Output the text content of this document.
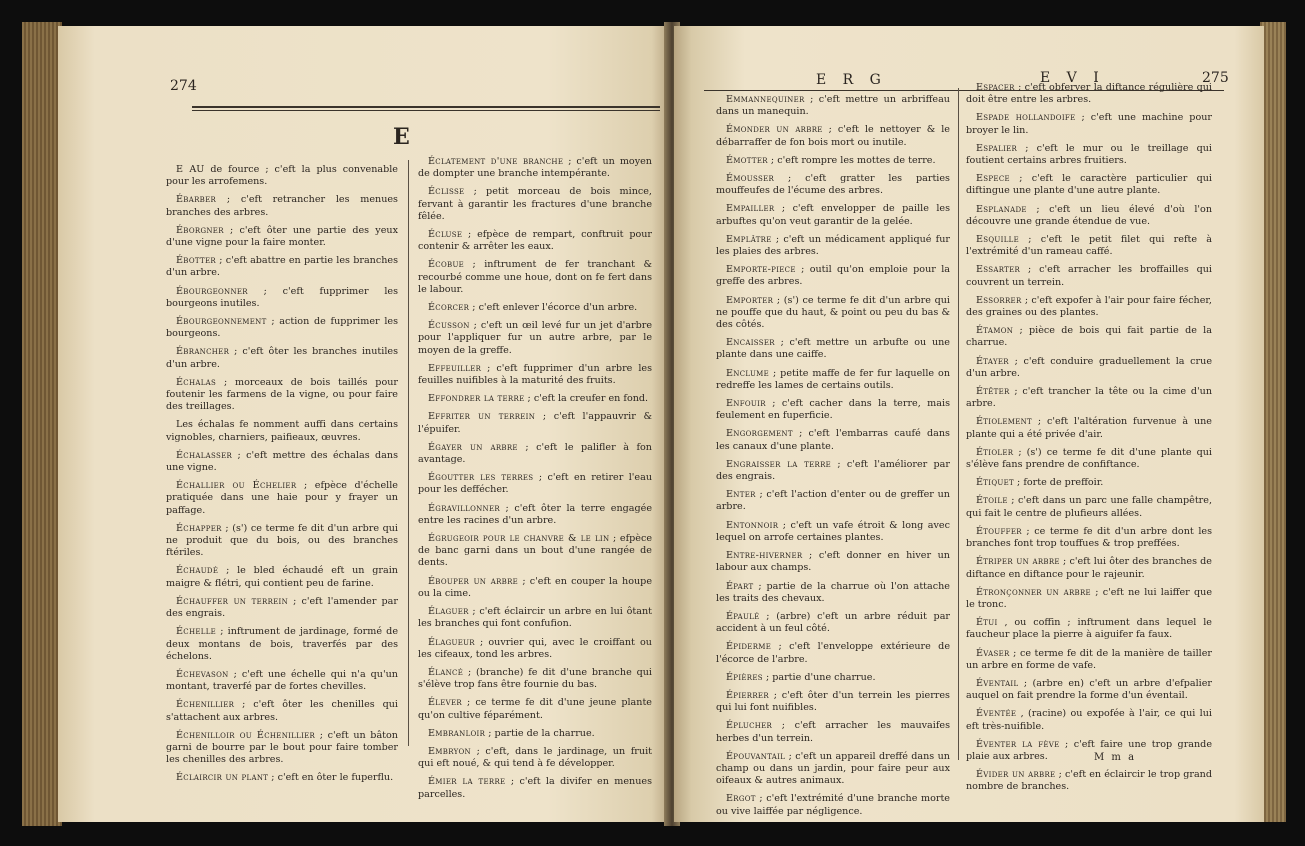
274
E

E AU de fource ; c'eft la plus convenable pour les arrofemens.

Ébarber ; c'eft retrancher les menues branches des arbres.

Éborgner ; c'eft ôter une partie des yeux d'une vigne pour la faire monter.

Ébotter ; c'eft abattre en partie les branches d'un arbre.

Ébourgeonner ; c'eft fupprimer les bourgeons inutiles.

Ébourgeonnement ; action de fupprimer les bourgeons.

Ébrancher ; c'eft ôter les branches inutiles d'un arbre.

Échalas ; morceaux de bois taillés pour foutenir les farmens de la vigne, ou pour faire des treillages.

Les échalas fe nomment auffi dans certains vignobles, charniers, paifieaux, œuvres.

Échalasser ; c'eft mettre des échalas dans une vigne.

Échallier ou Échelier ; efpèce d'échelle pratiquée dans une haie pour y frayer un paffage.

Échapper ; (s') ce terme fe dit d'un arbre qui ne produit que du bois, ou des branches ftériles.

Échaudé ; le bled échaudé eft un grain maigre & flétri, qui contient peu de farine.

Échauffer un terrein ; c'eft l'amender par des engrais.

Échelle ; inftrument de jardinage, formé de deux montans de bois, traverfés par des échelons.

Échevason ; c'eft une échelle qui n'a qu'un montant, traverfé par de fortes chevilles.

Échenillier ; c'eft ôter les chenilles qui s'attachent aux arbres.

Échenilloir ou Échenillier ; c'eft un bâton garni de bourre par le bout pour faire tomber les chenilles des arbres.

Éclaircir un plant ; c'eft en ôter le fuperflu.

Éclatement d'une branche ; c'eft un moyen de dompter une branche intempérante.

Éclisse ; petit morceau de bois mince, fervant à garantir les fractures d'une branche fêlée.

Écluse ; efpèce de rempart, conftruit pour contenir & arrêter les eaux.

Écobue ; inftrument de fer tranchant & recourbé comme une houe, dont on fe fert dans le labour.

Écorcer ; c'eft enlever l'écorce d'un arbre.

Écusson ; c'eft un œil levé fur un jet d'arbre pour l'appliquer fur un autre arbre, par le moyen de la greffe.

Effeuiller ; c'eft fupprimer d'un arbre les feuilles nuifibles à la maturité des fruits.

Effondrer la terre ; c'eft la creufer en fond.

Effriter un terrein ; c'eft l'appauvrir & l'épuifer.

Égayer un arbre ; c'eft le palifler à fon avantage.

Égoutter les terres ; c'eft en retirer l'eau pour les deffécher.

Égravillonner ; c'eft ôter la terre engagée entre les racines d'un arbre.

Égrugeoir pour le chanvre & le lin ; efpèce de banc garni dans un bout d'une rangée de dents.

Ébouper un arbre ; c'eft en couper la houpe ou la cime.

Élaguer ; c'eft éclaircir un arbre en lui ôtant les branches qui font confufion.

Élagueur ; ouvrier qui, avec le croiffant ou les cifeaux, tond les arbres.

Élancé ; (branche) fe dit d'une branche qui s'élève trop fans être fournie du bas.

Élever ; ce terme fe dit d'une jeune plante qu'on cultive féparément.

Embranloir ; partie de la charrue.

Embryon ; c'eft, dans le jardinage, un fruit qui eft noué, & qui tend à fe développer.

Émier la terre ; c'eft la divifer en menues parcelles.

E R G	E V I	275

Emmannequiner ; c'eft mettre un arbriffeau dans un manequin.

Émonder un arbre ; c'eft le nettoyer & le débarraffer de fon bois mort ou inutile.

Émotter ; c'eft rompre les mottes de terre.

Émousser ; c'eft gratter les parties mouffeufes de l'écume des arbres.

Empailler ; c'eft envelopper de paille les arbuftes qu'on veut garantir de la gelée.

Emplâtre ; c'eft un médicament appliqué fur les plaies des arbres.

Emporte-piece ; outil qu'on emploie pour la greffe des arbres.

Emporter ; (s') ce terme fe dit d'un arbre qui ne pouffe que du haut, & point ou peu du bas & des côtés.

Encaisser ; c'eft mettre un arbufte ou une plante dans une caiffe.

Enclume ; petite maffe de fer fur laquelle on redreffe les lames de certains outils.

Enfouir ; c'eft cacher dans la terre, mais feulement en fuperficie.

Engorgement ; c'eft l'embarras caufé dans les canaux d'une plante.

Engraisser la terre ; c'eft l'améliorer par des engrais.

Enter ; c'eft l'action d'enter ou de greffer un arbre.

Entonnoir ; c'eft un vafe étroit & long avec lequel on arrofe certaines plantes.

Entre-hiverner ; c'eft donner en hiver un labour aux champs.

Épart ; partie de la charrue où l'on attache les traits des chevaux.

Épaulé ; (arbre) c'eft un arbre réduit par accident à un feul côté.

Épiderme ; c'eft l'enveloppe extérieure de l'écorce de l'arbre.

Épières ; partie d'une charrue.

Épierrer ; c'eft ôter d'un terrein les pierres qui lui font nuifibles.

Éplucher ; c'eft arracher les mauvaifes herbes d'un terrein.

Épouvantail ; c'eft un appareil dreffé dans un champ ou dans un jardin, pour faire peur aux oifeaux & autres animaux.

Ergot ; c'eft l'extrémité d'une branche morte ou vive laiffée par négligence.

Espacer ; c'eft obferver la diftance régulière qui doit être entre les arbres.

Espade hollandoife ; c'eft une machine pour broyer le lin.

Espalier ; c'eft le mur ou le treillage qui foutient certains arbres fruitiers.

Espece ; c'eft le caractère particulier qui diftingue une plante d'une autre plante.

Esplanade ; c'eft un lieu élevé d'où l'on découvre une grande étendue de vue.

Esquille ; c'eft le petit filet qui refte à l'extrémité d'un rameau caffé.

Essarter ; c'eft arracher les broffailles qui couvrent un terrein.

Essorrer ; c'eft expofer à l'air pour faire fécher, des graines ou des plantes.

Étamon ; pièce de bois qui fait partie de la charrue.

Étayer ; c'eft conduire graduellement la crue d'un arbre.

Étêter ; c'eft trancher la tête ou la cime d'un arbre.

Étiolement ; c'eft l'altération furvenue à une plante qui a été privée d'air.

Étioler ; (s') ce terme fe dit d'une plante qui s'élève fans prendre de confiftance.

Étiquet ; forte de preffoir.

Étoile ; c'eft dans un parc une falle champêtre, qui fait le centre de plufieurs allées.

Étouffer ; ce terme fe dit d'un arbre dont les branches font trop touffues & trop preffées.

Étriper un arbre ; c'eft lui ôter des branches de diftance en diftance pour le rajeunir.

Étronçonner un arbre ; c'eft ne lui laiffer que le tronc.

Étui , ou coffin ; inftrument dans lequel le faucheur place la pierre à aiguifer fa faux.

Évaser ; ce terme fe dit de la manière de tailler un arbre en forme de vafe.

Éventail ; (arbre en) c'eft un arbre d'efpalier auquel on fait prendre la forme d'un éventail.

Éventée , (racine) ou expofée à l'air, ce qui lui eft très-nuifible.

Éventer la fève ; c'eft faire une trop grande plaie aux arbres.

Évider un arbre ; c'eft en éclaircir le trop grand nombre de branches.

M m a
